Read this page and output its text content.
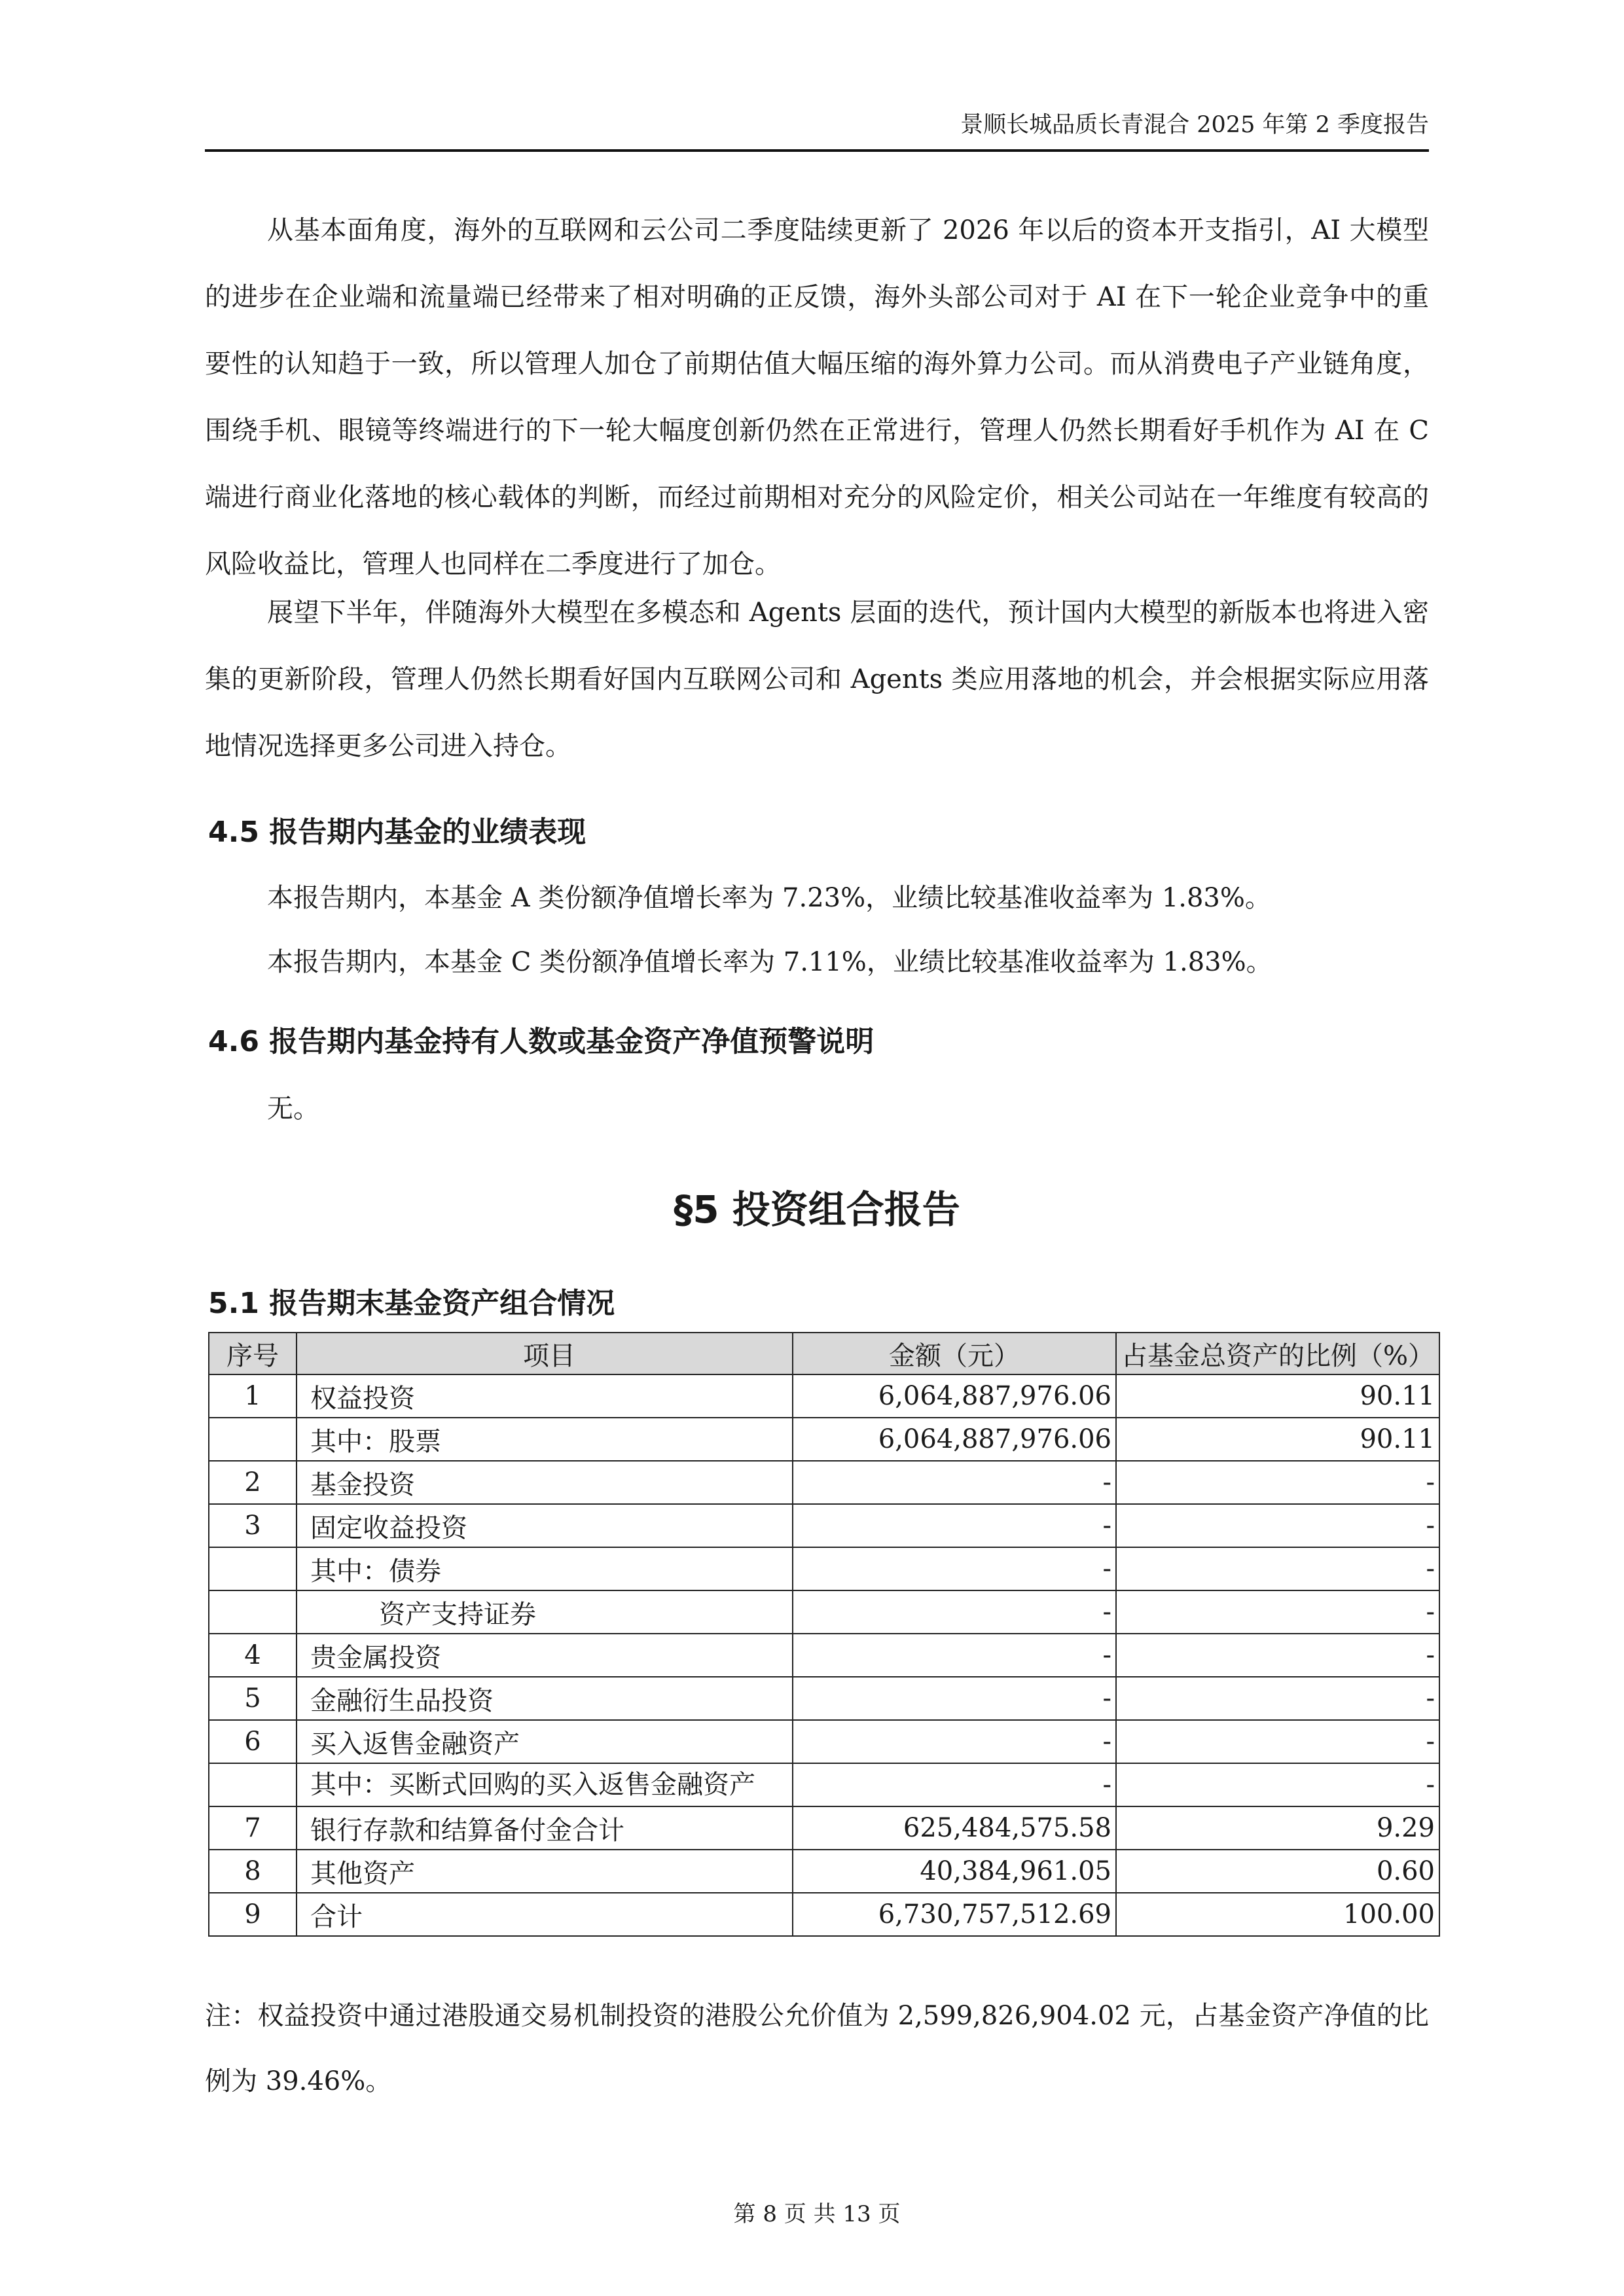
景顺长城品质长青混合 2025 年第 2 季度报告
从基本面角度，海外的互联网和云公司二季度陆续更新了 2026 年以后的资本开支指引，AI 大模型的进步在企业端和流量端已经带来了相对明确的正反馈，海外头部公司对于 AI 在下一轮企业竞争中的重要性的认知趋于一致，所以管理人加仓了前期估值大幅压缩的海外算力公司。而从消费电子产业链角度，围绕手机、眼镜等终端进行的下一轮大幅度创新仍然在正常进行，管理人仍然长期看好手机作为 AI 在 C 端进行商业化落地的核心载体的判断，而经过前期相对充分的风险定价，相关公司站在一年维度有较高的风险收益比，管理人也同样在二季度进行了加仓。
展望下半年，伴随海外大模型在多模态和 Agents 层面的迭代，预计国内大模型的新版本也将进入密集的更新阶段，管理人仍然长期看好国内互联网公司和 Agents 类应用落地的机会，并会根据实际应用落地情况选择更多公司进入持仓。
4.5 报告期内基金的业绩表现
本报告期内，本基金 A 类份额净值增长率为 7.23%，业绩比较基准收益率为 1.83%。
本报告期内，本基金 C 类份额净值增长率为 7.11%，业绩比较基准收益率为 1.83%。
4.6 报告期内基金持有人数或基金资产净值预警说明
无。
§5 投资组合报告
5.1 报告期末基金资产组合情况
序号	项目	金额（元）	占基金总资产的比例（%）
1	权益投资	6,064,887,976.06	90.11
	其中：股票	6,064,887,976.06	90.11
2	基金投资	-	-
3	固定收益投资	-	-
	其中：债券	-	-
	资产支持证券	-	-
4	贵金属投资	-	-
5	金融衍生品投资	-	-
6	买入返售金融资产	-	-

	其中：买断式回购的买入返售金融资产	-	-
7	银行存款和结算备付金合计	625,484,575.58	9.29
8	其他资产	40,384,961.05	0.60
9	合计	6,730,757,512.69	100.00
注：权益投资中通过港股通交易机制投资的港股公允价值为 2,599,826,904.02 元，占基金资产净值的比例为 39.46%。
第 8 页 共 13 页
